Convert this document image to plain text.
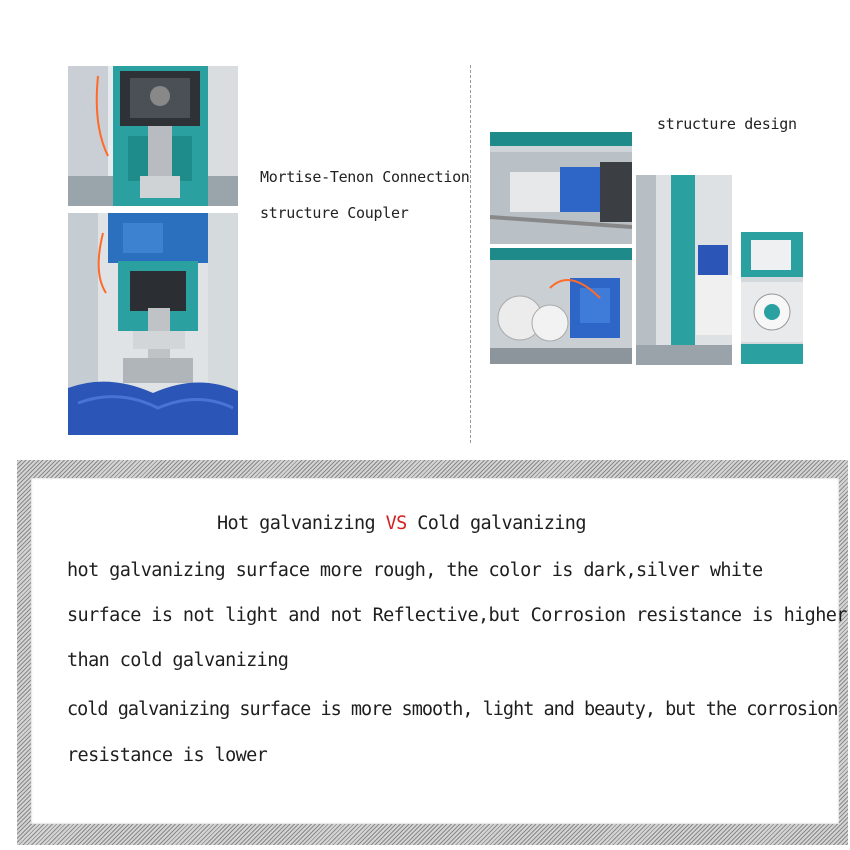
Mortise-Tenon Connection
structure Coupler
structure design
Hot galvanizing VS Cold galvanizing
hot galvanizing surface more rough, the color is dark,silver white
surface is not light and not Reflective,but Corrosion resistance is higher
than cold galvanizing
cold galvanizing surface is more smooth, light and beauty, but the corrosion
resistance is lower
